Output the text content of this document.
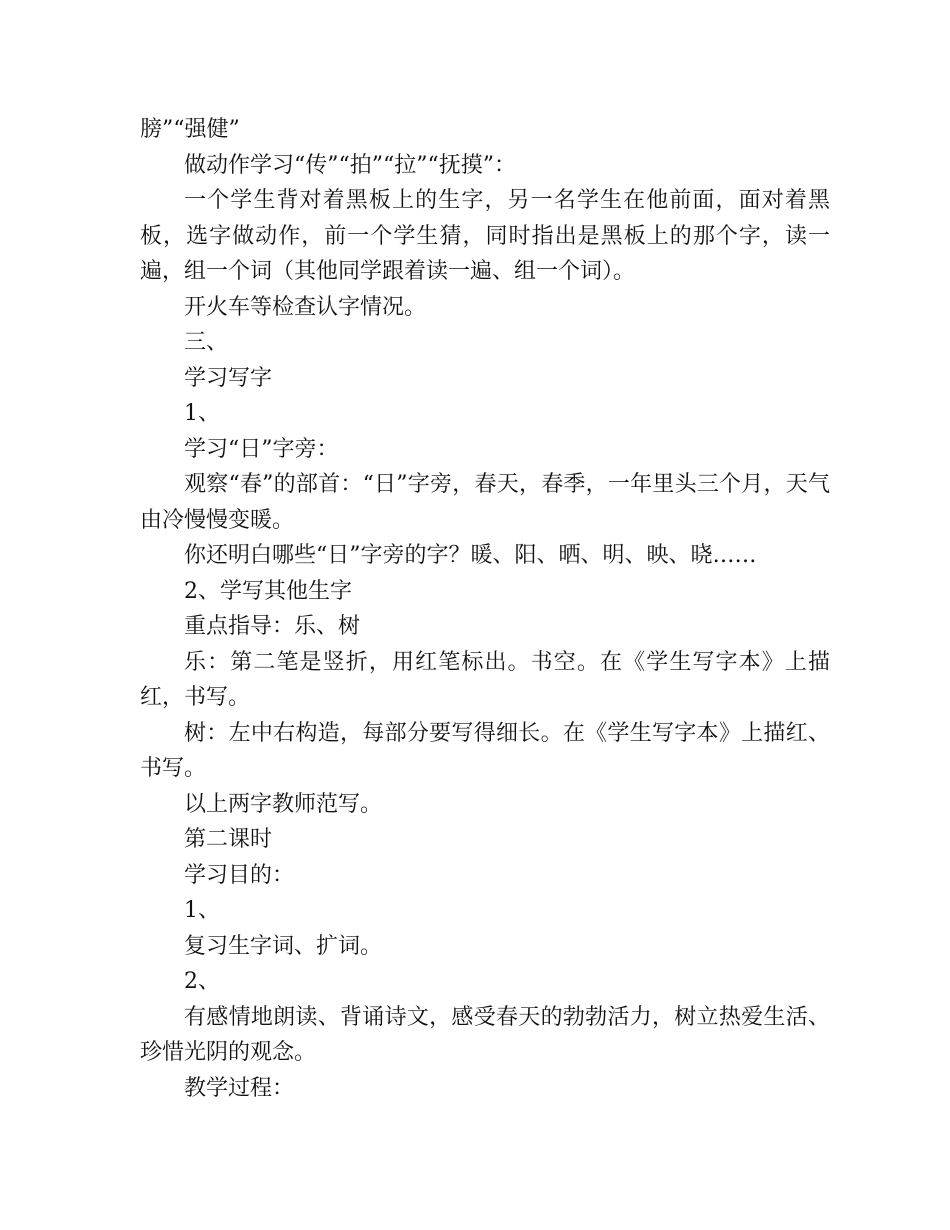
膀”“强健”

做动作学习“传”“拍”“拉”“抚摸”：

一个学生背对着黑板上的生字，另一名学生在他前面，面对着黑板，选字做动作，前一个学生猜，同时指出是黑板上的那个字，读一遍，组一个词（其他同学跟着读一遍、组一个词）。

开火车等检查认字情况。

三、

学习写字

1、

学习“日”字旁：

观察“春”的部首：“日”字旁，春天，春季，一年里头三个月，天气由冷慢慢变暖。

你还明白哪些“日”字旁的字？暖、阳、晒、明、映、晓……

2、学写其他生字

重点指导：乐、树

乐：第二笔是竖折，用红笔标出。书空。在《学生写字本》上描红，书写。

树：左中右构造，每部分要写得细长。在《学生写字本》上描红、书写。

以上两字教师范写。

第二课时

学习目的：

1、

复习生字词、扩词。

2、

有感情地朗读、背诵诗文，感受春天的勃勃活力，树立热爱生活、珍惜光阴的观念。

教学过程：
